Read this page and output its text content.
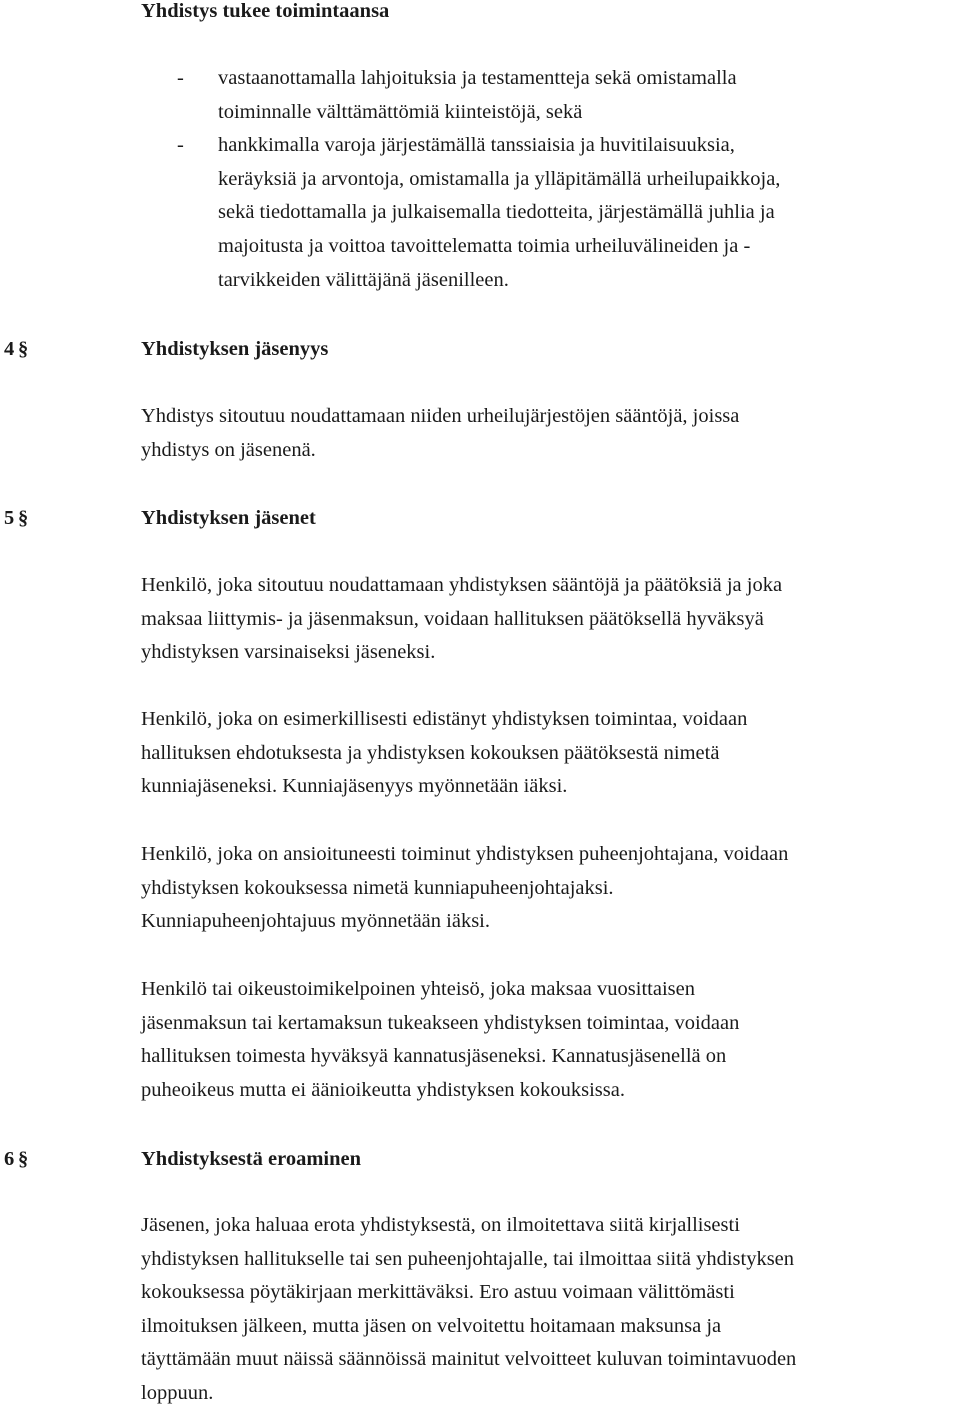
Yhdistys tukee toimintaansa
- vastaanottamalla lahjoituksia ja testamentteja sekä omistamalla
toiminnalle välttämättömiä kiinteistöjä, sekä
- hankkimalla varoja järjestämällä tanssiaisia ja huvitilaisuuksia,
keräyksiä ja arvontoja, omistamalla ja ylläpitämällä urheilupaikkoja,
sekä tiedottamalla ja julkaisemalla tiedotteita, järjestämällä juhlia ja
majoitusta ja voittoa tavoittelematta toimia urheiluvälineiden ja -
tarvikkeiden välittäjänä jäsenilleen.
4 §	Yhdistyksen jäsenyys
Yhdistys sitoutuu noudattamaan niiden urheilujärjestöjen sääntöjä, joissa
yhdistys on jäsenenä.
5 §	Yhdistyksen jäsenet
Henkilö, joka sitoutuu noudattamaan yhdistyksen sääntöjä ja päätöksiä ja joka
maksaa liittymis- ja jäsenmaksun, voidaan hallituksen päätöksellä hyväksyä
yhdistyksen varsinaiseksi jäseneksi.
Henkilö, joka on esimerkillisesti edistänyt yhdistyksen toimintaa, voidaan
hallituksen ehdotuksesta ja yhdistyksen kokouksen päätöksestä nimetä
kunniajäseneksi. Kunniajäsenyys myönnetään iäksi.
Henkilö, joka on ansioituneesti toiminut yhdistyksen puheenjohtajana, voidaan
yhdistyksen kokouksessa nimetä kunniapuheenjohtajaksi.
Kunniapuheenjohtajuus myönnetään iäksi.
Henkilö tai oikeustoimikelpoinen yhteisö, joka maksaa vuosittaisen
jäsenmaksun tai kertamaksun tukeakseen yhdistyksen toimintaa, voidaan
hallituksen toimesta hyväksyä kannatusjäseneksi. Kannatusjäsenellä on
puheoikeus mutta ei äänioikeutta yhdistyksen kokouksissa.
6 §	Yhdistyksestä eroaminen
Jäsenen, joka haluaa erota yhdistyksestä, on ilmoitettava siitä kirjallisesti
yhdistyksen hallitukselle tai sen puheenjohtajalle, tai ilmoittaa siitä yhdistyksen
kokouksessa pöytäkirjaan merkittäväksi. Ero astuu voimaan välittömästi
ilmoituksen jälkeen, mutta jäsen on velvoitettu hoitamaan maksunsa ja
täyttämään muut näissä säännöissä mainitut velvoitteet kuluvan toimintavuoden
loppuun.
